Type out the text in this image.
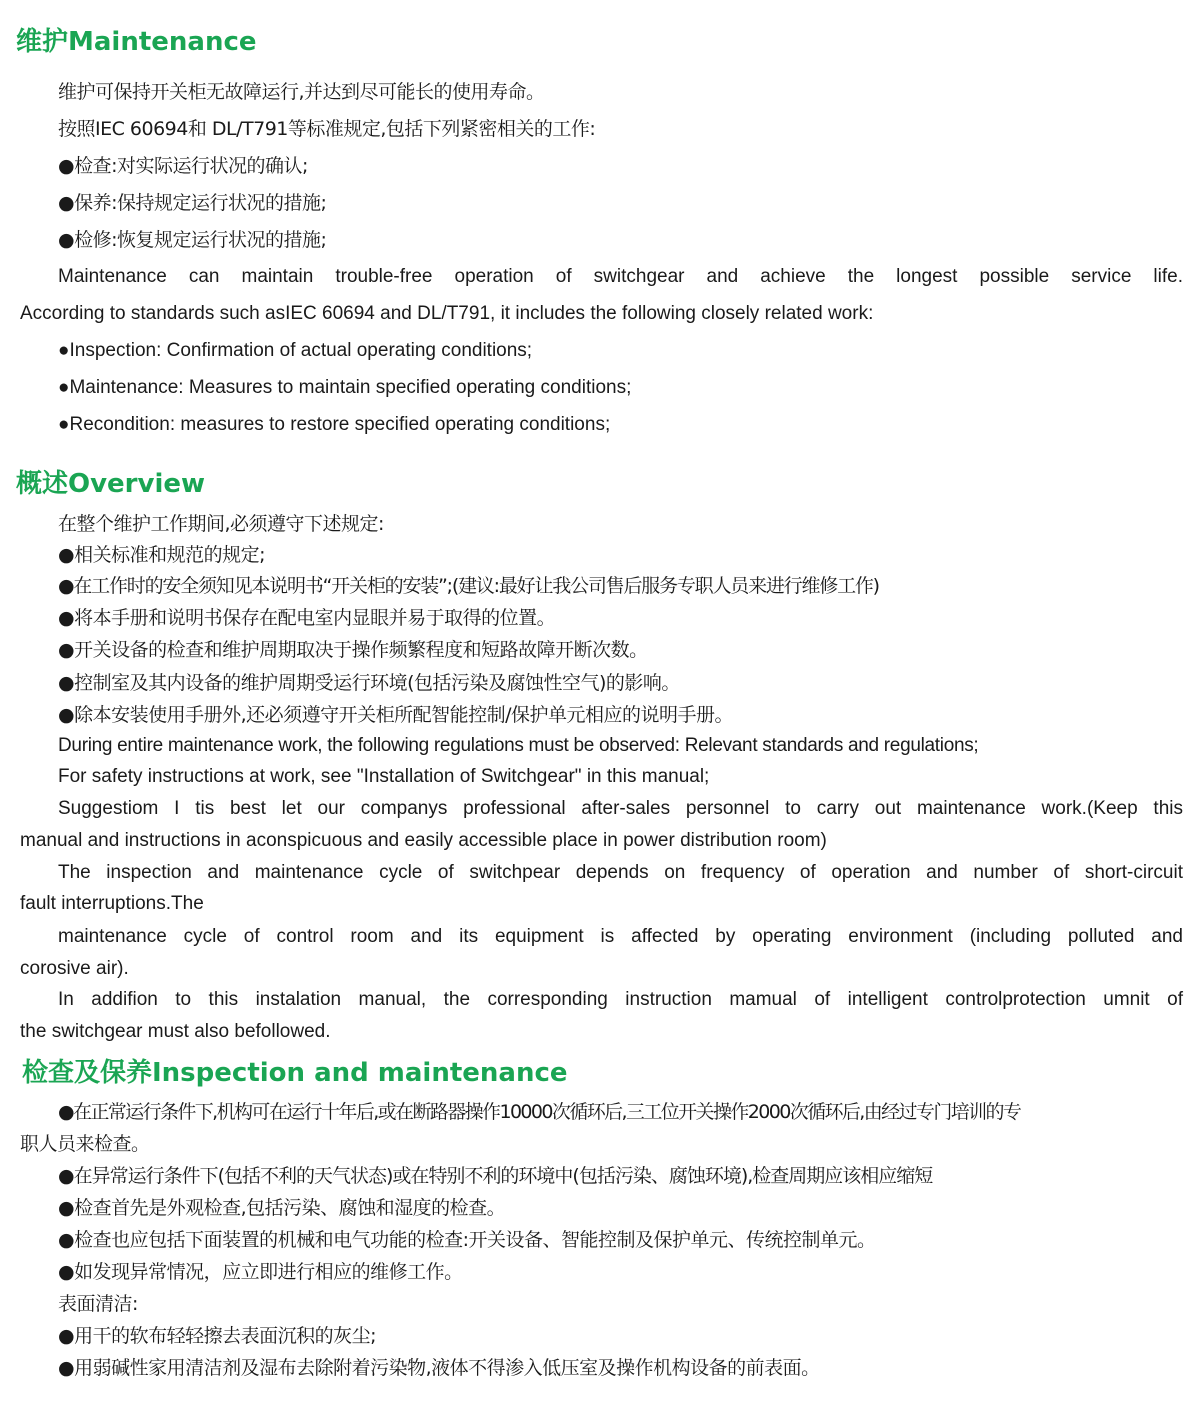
维护Maintenance
维护可保持开关柜无故障运行,并达到尽可能长的使用寿命。
按照IEC 60694和 DL/T791等标准规定,包括下列紧密相关的工作:
●检查:对实际运行状况的确认;
●保养:保持规定运行状况的措施;
●检修:恢复规定运行状况的措施;
Maintenance can maintain trouble-free operation of switchgear and achieve the longest possible service life.
According to standards such asIEC 60694 and DL/T791, it includes the following closely related work:
●Inspection: Confirmation of actual operating conditions;
●Maintenance: Measures to maintain specified operating conditions;
●Recondition: measures to restore specified operating conditions;
概述Overview
在整个维护工作期间,必须遵守下述规定:
●相关标准和规范的规定;
●在工作时的安全须知见本说明书“开关柜的安装”;(建议:最好让我公司售后服务专职人员来进行维修工作)
●将本手册和说明书保存在配电室内显眼并易于取得的位置。
●开关设备的检查和维护周期取决于操作频繁程度和短路故障开断次数。
●控制室及其内设备的维护周期受运行环境(包括污染及腐蚀性空气)的影响。
●除本安装使用手册外,还必须遵守开关柜所配智能控制/保护单元相应的说明手册。
During entire maintenance work, the following regulations must be observed: Relevant standards and regulations;
For safety instructions at work, see "Installation of Switchgear" in this manual;
Suggestiom I tis best let our companys professional after-sales personnel to carry out maintenance work.(Keep this
manual and instructions in aconspicuous and easily accessible place in power distribution room)
The inspection and maintenance cycle of switchpear depends on frequency of operation and number of short-circuit
fault interruptions.The
maintenance cycle of control room and its equipment is affected by operating environment (including polluted and
corosive air).
In addifion to this instalation manual, the corresponding instruction mamual of intelligent controlprotection umnit of
the switchgear must also befollowed.
检查及保养Inspection and maintenance
●在正常运行条件下,机构可在运行十年后,或在断路器操作10000次循环后,三工位开关操作2000次循环后,由经过专门培训的专
职人员来检查。
●在异常运行条件下(包括不利的天气状态)或在特别不利的环境中(包括污染、腐蚀环境),检查周期应该相应缩短
●检查首先是外观检查,包括污染、腐蚀和湿度的检查。
●检查也应包括下面装置的机械和电气功能的检查:开关设备、智能控制及保护单元、传统控制单元。
●如发现异常情况，应立即进行相应的维修工作。
表面清洁:
●用干的软布轻轻擦去表面沉积的灰尘;
●用弱碱性家用清洁剂及湿布去除附着污染物,液体不得渗入低压室及操作机构设备的前表面。
